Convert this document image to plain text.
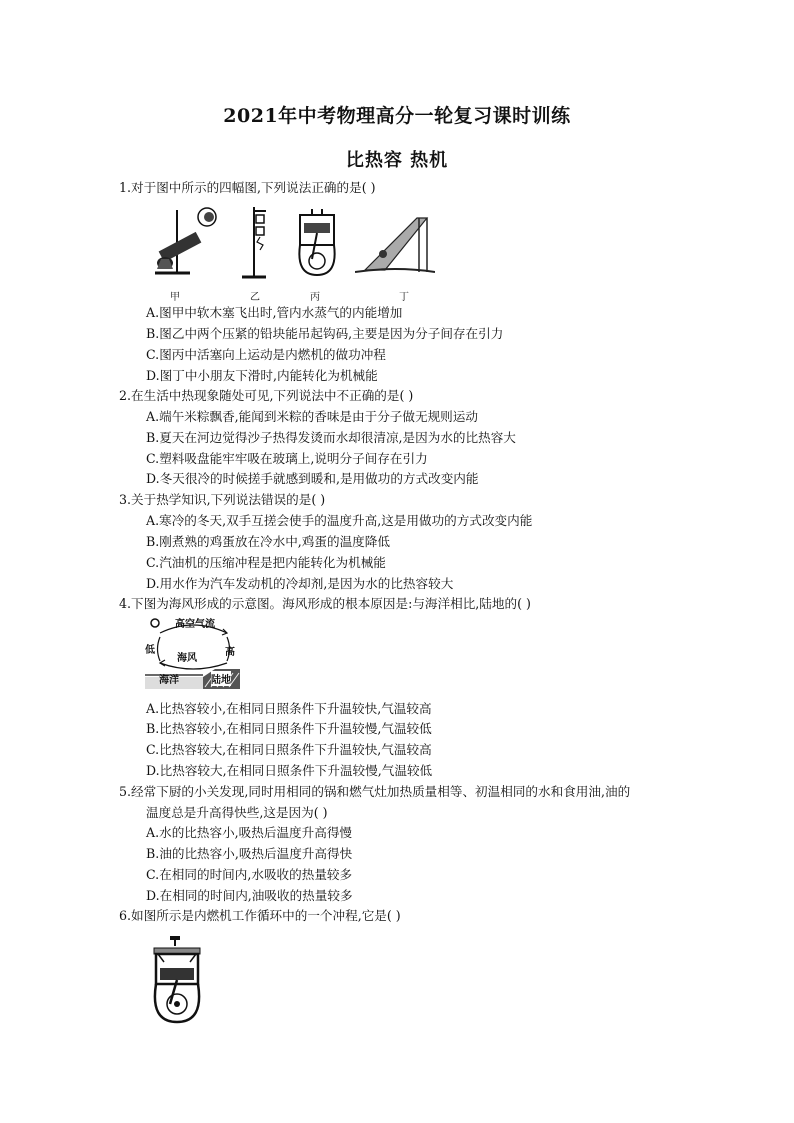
2021年中考物理高分一轮复习课时训练
比热容 热机
1.对于图中所示的四幅图,下列说法正确的是( )
甲	乙	丙	丁
A.图甲中软木塞飞出时,管内水蒸气的内能增加
B.图乙中两个压紧的铅块能吊起钩码,主要是因为分子间存在引力
C.图丙中活塞向上运动是内燃机的做功冲程
D.图丁中小朋友下滑时,内能转化为机械能
2.在生活中热现象随处可见,下列说法中不正确的是( )
A.端午米粽飘香,能闻到米粽的香味是由于分子做无规则运动
B.夏天在河边觉得沙子热得发烫而水却很清凉,是因为水的比热容大
C.塑料吸盘能牢牢吸在玻璃上,说明分子间存在引力
D.冬天很冷的时候搓手就感到暖和,是用做功的方式改变内能
3.关于热学知识,下列说法错误的是( )
A.寒冷的冬天,双手互搓会使手的温度升高,这是用做功的方式改变内能
B.刚煮熟的鸡蛋放在冷水中,鸡蛋的温度降低
C.汽油机的压缩冲程是把内能转化为机械能
D.用水作为汽车发动机的冷却剂,是因为水的比热容较大
4.下图为海风形成的示意图。海风形成的根本原因是:与海洋相比,陆地的( )
高空气流
低
海风
高
海洋	陆地
A.比热容较小,在相同日照条件下升温较快,气温较高
B.比热容较小,在相同日照条件下升温较慢,气温较低
C.比热容较大,在相同日照条件下升温较快,气温较高
D.比热容较大,在相同日照条件下升温较慢,气温较低
5.经常下厨的小关发现,同时用相同的锅和燃气灶加热质量相等、初温相同的水和食用油,油的
温度总是升高得快些,这是因为( )
A.水的比热容小,吸热后温度升高得慢
B.油的比热容小,吸热后温度升高得快
C.在相同的时间内,水吸收的热量较多
D.在相同的时间内,油吸收的热量较多
6.如图所示是内燃机工作循环中的一个冲程,它是( )
